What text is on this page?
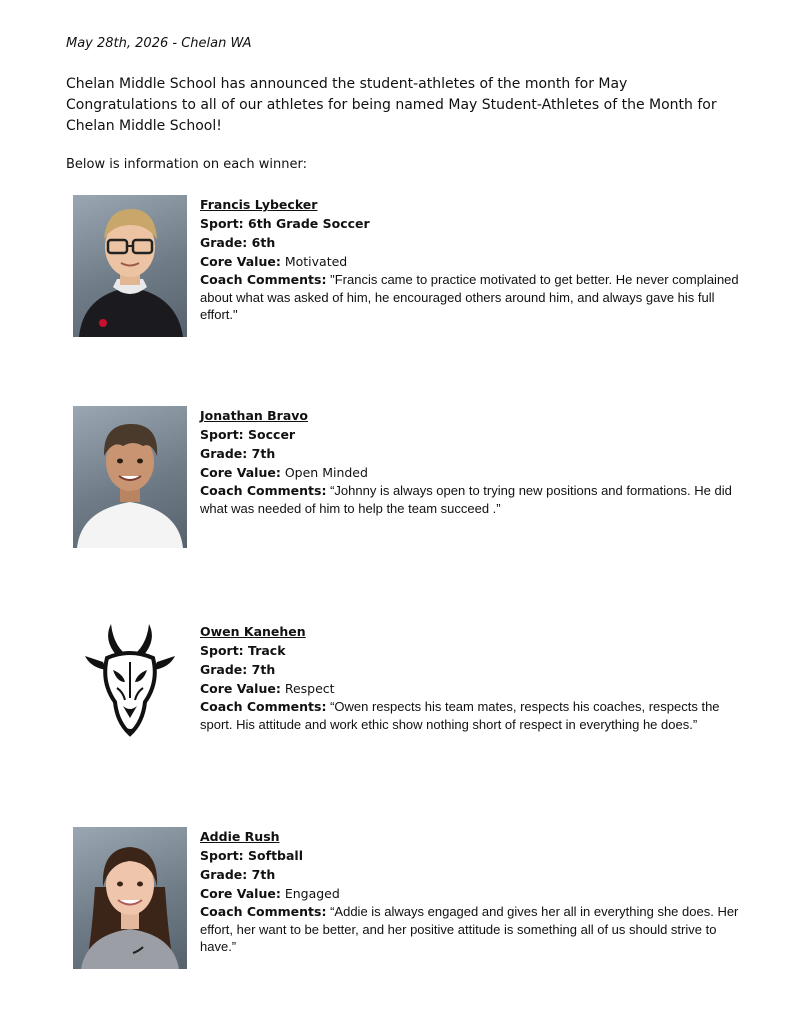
May 28th, 2026 - Chelan WA

Chelan Middle School has announced the student-athletes of the month for May

Congratulations to all of our athletes for being named May Student-Athletes of the Month for Chelan Middle School!

Below is information on each winner:
Francis Lybecker
Sport: 6th Grade Soccer
Grade: 6th
Core Value: Motivated
Coach Comments: "Francis came to practice motivated to get better. He never complained about what was asked of him, he encouraged others around him, and always gave his full effort."
Jonathan Bravo
Sport: Soccer
Grade: 7th
Core Value: Open Minded
Coach Comments: “Johnny is always open to trying new positions and formations. He did what was needed of him to help the team succeed .”
Owen Kanehen
Sport: Track
Grade: 7th
Core Value: Respect
Coach Comments: “Owen respects his team mates, respects his coaches, respects the sport. His attitude and work ethic show nothing short of respect in everything he does.”
Addie Rush
Sport: Softball
Grade: 7th
Core Value: Engaged
Coach Comments: “Addie is always engaged and gives her all in everything she does. Her effort, her want to be better, and her positive attitude is something all of us should strive to have.”
